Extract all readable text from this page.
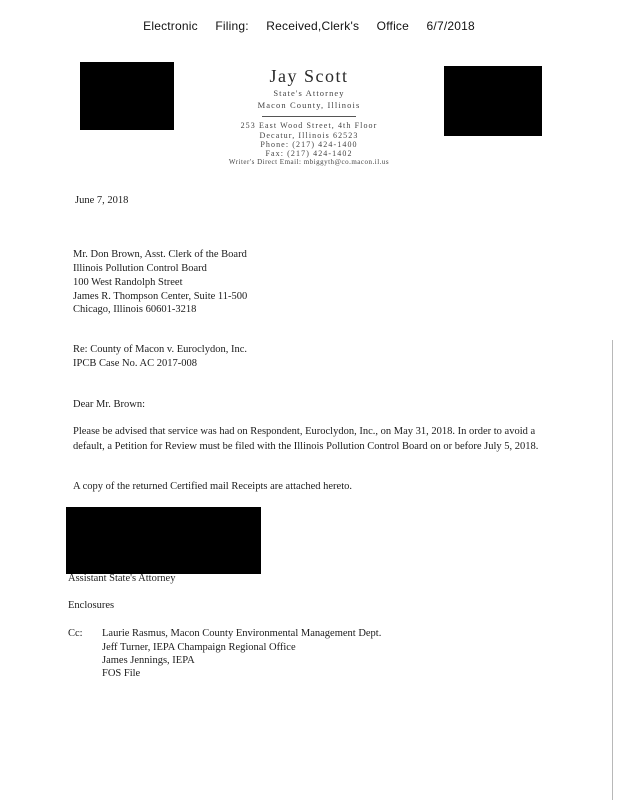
Electronic Filing: Received,Clerk's Office 6/7/2018
Jay Scott
State's Attorney
Macon County, Illinois
253 East Wood Street, 4th Floor
Decatur, Illinois 62523
Phone: (217) 424-1400
Fax: (217) 424-1402
Writer's Direct Email: mbiggyth@co.macon.il.us
June 7, 2018
Mr. Don Brown, Asst. Clerk of the Board
Illinois Pollution Control Board
100 West Randolph Street
James R. Thompson Center, Suite 11-500
Chicago, Illinois 60601-3218
Re: County of Macon v. Euroclydon, Inc.
IPCB Case No. AC 2017-008
Dear Mr. Brown:
Please be advised that service was had on Respondent, Euroclydon, Inc., on May 31, 2018. In order to avoid a default, a Petition for Review must be filed with the Illinois Pollution Control Board on or before July 5, 2018.
A copy of the returned Certified mail Receipts are attached hereto.
Assistant State's Attorney
Enclosures
Cc: Laurie Rasmus, Macon County Environmental Management Dept.
Jeff Turner, IEPA Champaign Regional Office
James Jennings, IEPA
FOS File
